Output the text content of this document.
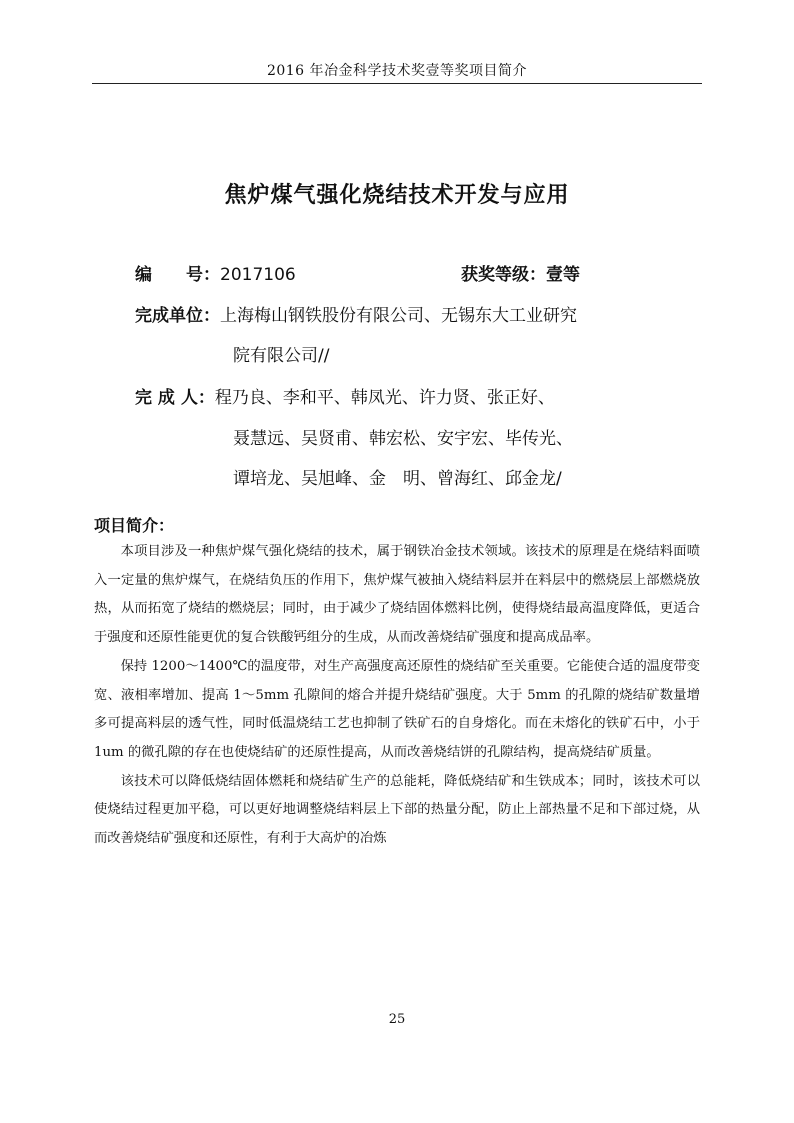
2016 年冶金科学技术奖壹等奖项目简介
焦炉煤气强化烧结技术开发与应用
编　　号：2017106	获奖等级：壹等
完成单位：上海梅山钢铁股份有限公司、无锡东大工业研究
院有限公司//
完 成 人：程乃良、李和平、韩凤光、许力贤、张正好、
聂慧远、吴贤甫、韩宏松、安宇宏、毕传光、
谭培龙、吴旭峰、金　明、曾海红、邱金龙/
项目简介：

本项目涉及一种焦炉煤气强化烧结的技术，属于钢铁冶金技术领域。该技术的原理是在烧结料面喷入一定量的焦炉煤气，在烧结负压的作用下，焦炉煤气被抽入烧结料层并在料层中的燃烧层上部燃烧放热，从而拓宽了烧结的燃烧层；同时，由于减少了烧结固体燃料比例，使得烧结最高温度降低，更适合于强度和还原性能更优的复合铁酸钙组分的生成，从而改善烧结矿强度和提高成品率。

保持 1200～1400℃的温度带，对生产高强度高还原性的烧结矿至关重要。它能使合适的温度带变宽、液相率增加、提高 1～5mm 孔隙间的熔合并提升烧结矿强度。大于 5mm 的孔隙的烧结矿数量增多可提高料层的透气性，同时低温烧结工艺也抑制了铁矿石的自身熔化。而在未熔化的铁矿石中，小于 1um 的微孔隙的存在也使烧结矿的还原性提高，从而改善烧结饼的孔隙结构，提高烧结矿质量。

该技术可以降低烧结固体燃耗和烧结矿生产的总能耗，降低烧结矿和生铁成本；同时，该技术可以使烧结过程更加平稳，可以更好地调整烧结料层上下部的热量分配，防止上部热量不足和下部过烧，从而改善烧结矿强度和还原性，有利于大高炉的冶炼

25
